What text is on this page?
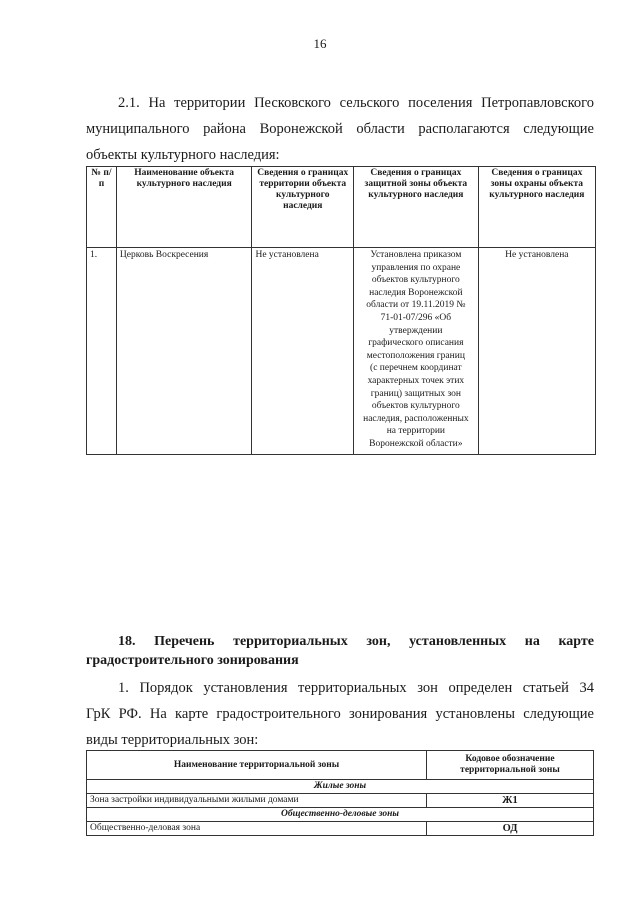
16
2.1. На территории Песковского сельского поселения Петропавловского
муниципального района Воронежской области располагаются следующие
объекты культурного наследия:
№ п/п	Наименование объекта культурного наследия	Сведения о границах территории объекта культурного наследия	Сведения о границах защитной зоны объекта культурного наследия	Сведения о границах зоны охраны объекта культурного наследия
1.	Церковь Воскресения	Не установлена	Установлена приказом управления по охране объектов культурного наследия Воронежской области от 19.11.2019 № 71-01-07/296 «Об утверждении графического описания местоположения границ (с перечнем координат характерных точек этих границ) защитных зон объектов культурного наследия, расположенных на территории Воронежской области»	Не установлена
18. Перечень территориальных зон, установленных на карте
градостроительного зонирования
1. Порядок установления территориальных зон определен статьей 34
ГрК РФ. На карте градостроительного зонирования установлены следующие
виды территориальных зон:
Наименование территориальной зоны	Кодовое обозначение территориальной зоны
Жилые зоны	
Зона застройки индивидуальными жилыми домами	Ж1
Общественно-деловые зоны	
Общественно-деловая зона	ОД
